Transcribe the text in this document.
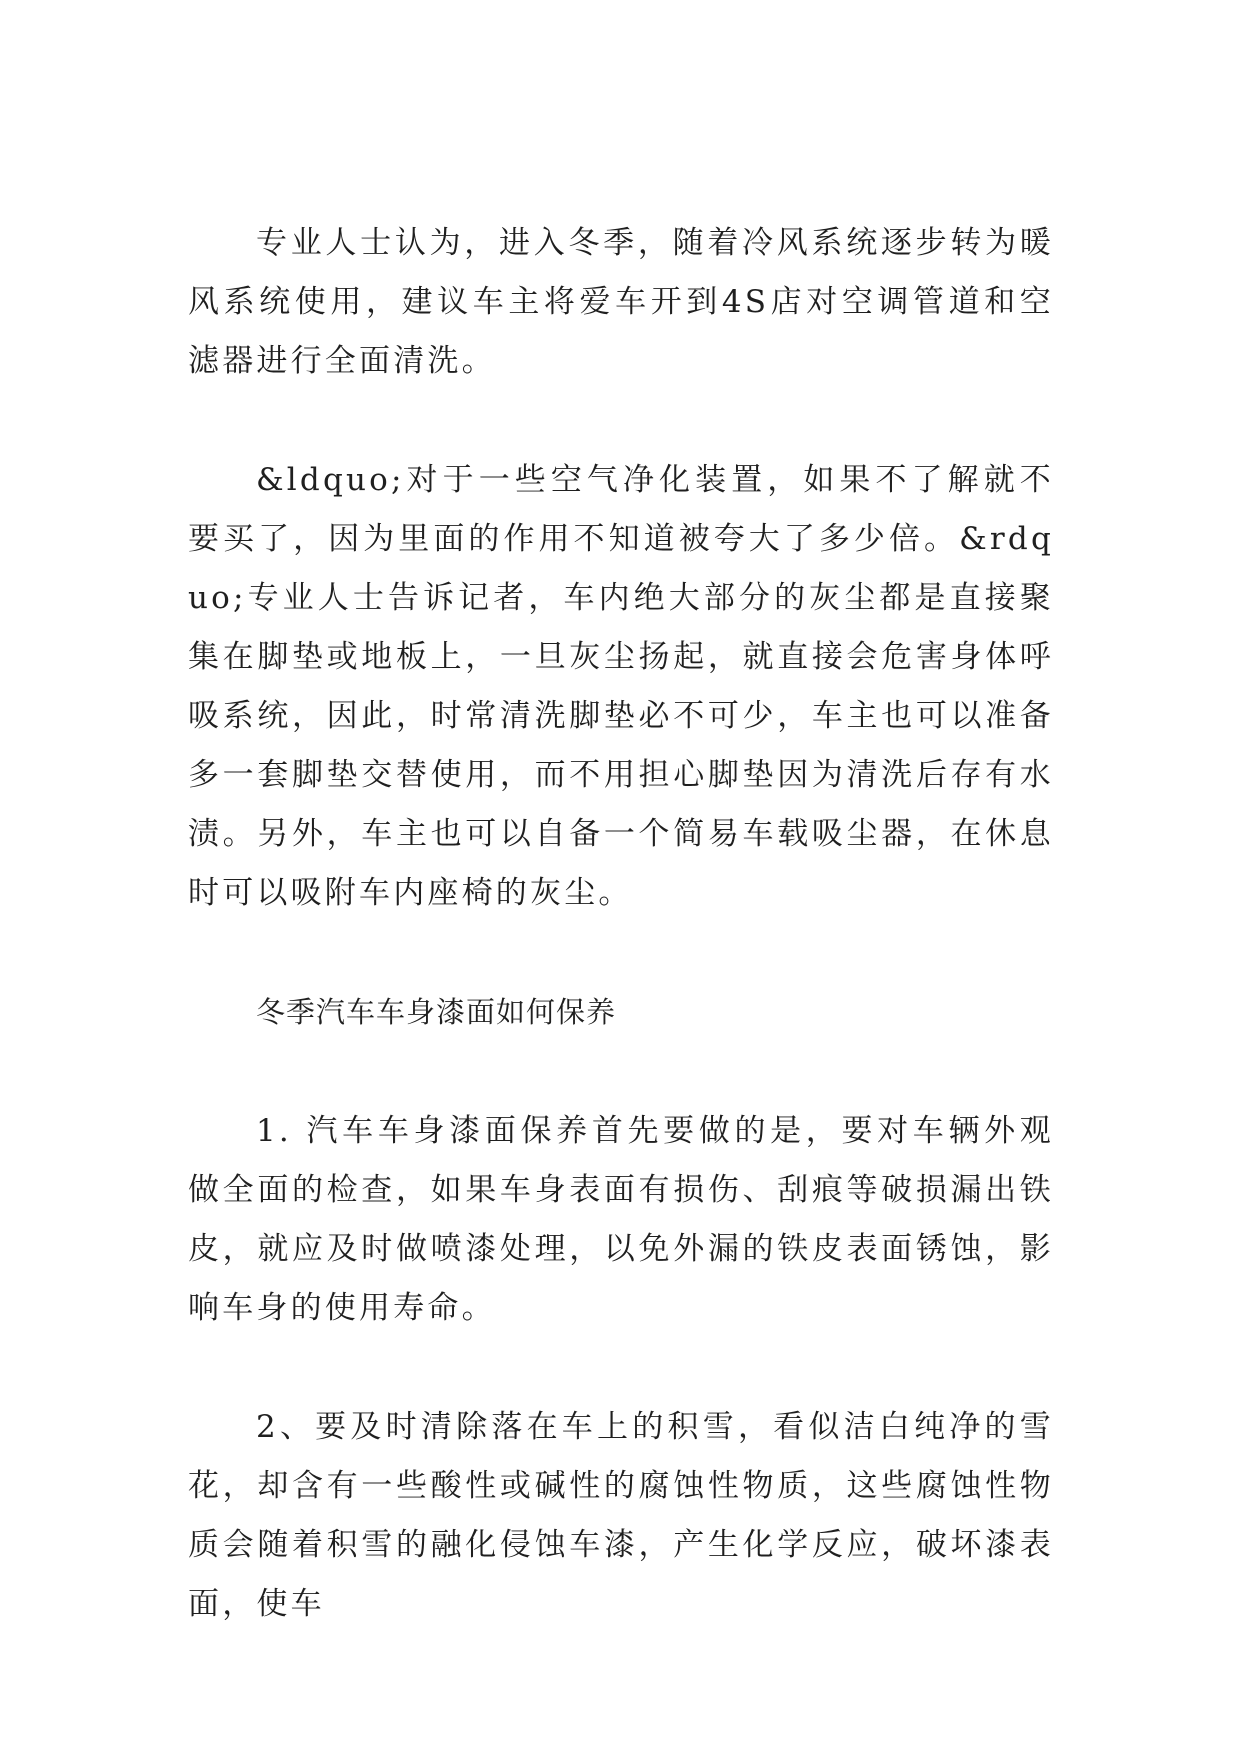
专业人士认为，进入冬季，随着冷风系统逐步转为暖风系统使用，建议车主将爱车开到4S店对空调管道和空滤器进行全面清洗。

&ldquo;对于一些空气净化装置，如果不了解就不要买了，因为里面的作用不知道被夸大了多少倍。&rdquo;专业人士告诉记者，车内绝大部分的灰尘都是直接聚集在脚垫或地板上，一旦灰尘扬起，就直接会危害身体呼吸系统，因此，时常清洗脚垫必不可少，车主也可以准备多一套脚垫交替使用，而不用担心脚垫因为清洗后存有水渍。另外，车主也可以自备一个简易车载吸尘器，在休息时可以吸附车内座椅的灰尘。

冬季汽车车身漆面如何保养

1. 汽车车身漆面保养首先要做的是，要对车辆外观做全面的检查，如果车身表面有损伤、刮痕等破损漏出铁皮，就应及时做喷漆处理，以免外漏的铁皮表面锈蚀，影响车身的使用寿命。

2、要及时清除落在车上的积雪，看似洁白纯净的雪花，却含有一些酸性或碱性的腐蚀性物质，这些腐蚀性物质会随着积雪的融化侵蚀车漆，产生化学反应，破坏漆表面，使车
